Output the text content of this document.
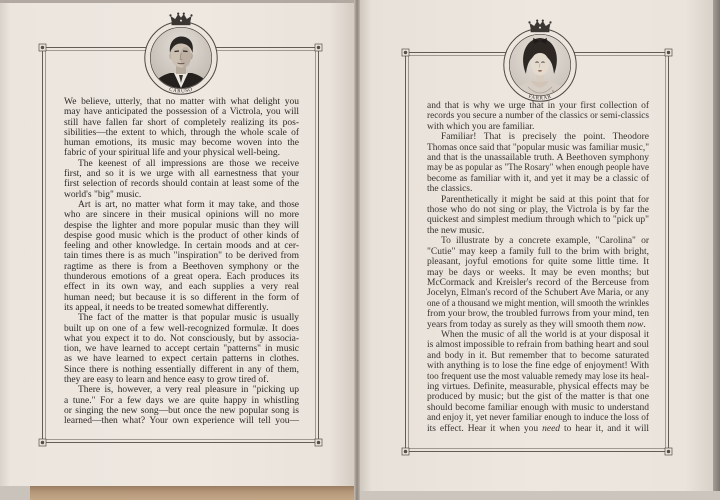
CARUSO
FARRAR
We believe, utterly, that no matter with what delight you
may have anticipated the possession of a Victrola, you will
still have fallen far short of completely realizing its pos-
sibilities—the extent to which, through the whole scale of
human emotions, its music may become woven into the
fabric of your spiritual life and your physical well-being.
The keenest of all impressions are those we receive
first, and so it is we urge with all earnestness that your
first selection of records should contain at least some of the
world's "big" music.
Art is art, no matter what form it may take, and those
who are sincere in their musical opinions will no more
despise the lighter and more popular music than they will
despise good music which is the product of other kinds of
feeling and other knowledge. In certain moods and at cer-
tain times there is as much "inspiration" to be derived from
ragtime as there is from a Beethoven symphony or the
thunderous emotions of a great opera. Each produces its
effect in its own way, and each supplies a very real
human need; but because it is so different in the form of
its appeal, it needs to be treated somewhat differently.
The fact of the matter is that popular music is usually
built up on one of a few well-recognized formulæ. It does
what you expect it to do. Not consciously, but by associa-
tion, we have learned to accept certain "patterns" in music
as we have learned to expect certain patterns in clothes.
Since there is nothing essentially different in any of them,
they are easy to learn and hence easy to grow tired of.
There is, however, a very real pleasure in "picking up
a tune." For a few days we are quite happy in whistling
or singing the new song—but once the new popular song is
learned—then what? Your own experience will tell you—
and that is why we urge that in your first collection of
records you secure a number of the classics or semi-classics
with which you are familiar.
Familiar! That is precisely the point. Theodore
Thomas once said that "popular music was familiar music,"
and that is the unassailable truth. A Beethoven symphony
may be as popular as "The Rosary" when enough people have
become as familiar with it, and yet it may be a classic of
the classics.
Parenthetically it might be said at this point that for
those who do not sing or play, the Victrola is by far the
quickest and simplest medium through which to "pick up"
the new music.
To illustrate by a concrete example, "Carolina" or
"Cutie" may keep a family full to the brim with bright,
pleasant, joyful emotions for quite some little time. It
may be days or weeks. It may be even months; but
McCormack and Kreisler's record of the Berceuse from
Jocelyn, Elman's record of the Schubert Ave Maria, or any
one of a thousand we might mention, will smooth the wrinkles
from your brow, the troubled furrows from your mind, ten
years from today as surely as they will smooth them now.
When the music of all the world is at your disposal it
is almost impossible to refrain from bathing heart and soul
and body in it. But remember that to become saturated
with anything is to lose the fine edge of enjoyment! With
too frequent use the most valuable remedy may lose its heal-
ing virtues. Definite, measurable, physical effects may be
produced by music; but the gist of the matter is that one
should become familiar enough with music to understand
and enjoy it, yet never familiar enough to induce the loss of
its effect. Hear it when you need to hear it, and it will
